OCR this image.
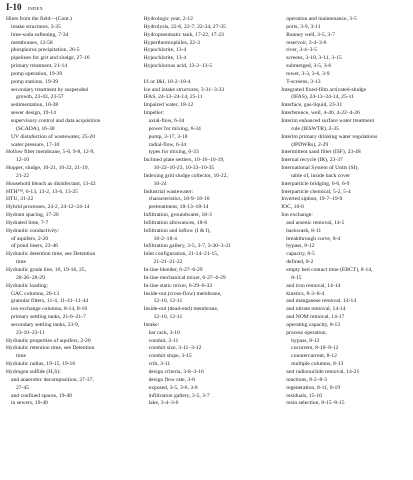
I-10 INDEX
Hints from the field—(Cont.)
intake structures, 3-35
lime-soda softening, 7-34
membranes, 12-58
phosphorus precipitation, 26-5
pipelines for grit and sludge, 27-16
primary treatment, 21-14
pump operation, 19-39
pump stations, 19-39
secondary treatment by suspended
growth, 23-43, 23-57
sedimentation, 10-38
sewer design, 19-14
supervisory control and data acquisition
(SCADA), 16-30
UV disinfection of wastewater, 25-20
water pressure, 17-10
Hollow fiber membrane, 5-6, 9-8, 12-9,
12-10
Hopper, sludge, 10-21, 10-22, 21-19,
21-22
Household bleach as disinfectant, 13-42
HTH™, 6-13, 13-2, 13-6, 13-25
HTU, 31-22
Hybrid processes, 24-2, 24-12–24-14
Hydrant spacing, 17-20
Hydrated lime, 7-7
Hydraulic conductivity:
of aquifers, 2-20
of pond liners, 23-46
Hydraulic detention time, see Detention
time
Hydraulic grade line, 16, 19-16, 25,
28-26–28-29
Hydraulic loading:
GAC columns, 26-13
granular filters, 11-4, 11-41–11-44
ion exchange columns, 8-14, 8-16
primary settling tanks, 21-6–21-7
secondary settling tanks, 23-9,
23-10–23-11
Hydraulic properties of aquifers, 2-20
Hydraulic retention time, see Detention
time
Hydraulic radius, 19-15, 19-16
Hydrogen sulfide (H₂S):
and anaerobic decomposition, 27-37,
27-45
and confined spaces, 19-40
in sewers, 19-40
Hydrologic year, 2-12
Hydrolysis, 22-6, 22-7, 22-34, 27-35
Hydropneumatic tank, 17-22, 17-23
Hyperthermophiles, 22-3
Hypochlorite, 13-4
Hypochlorite, 13-4
Hypochlorous acid, 13-2–13-5

I/I or I&I, 18-2–18-4
Ice and intake structures, 3-31–3-33
IFAS, 24-13–24-14, 25-11
Impaired water, 18-12
Impeller:
axial-flow, 6-34
power for mixing, 6-34
pump, 3-17, 3-18
radial-flow, 6-34
types for mixing, 6-33
Inclined plate settlers, 10-16–10-19,
10-22–10-23, 10-33–10-35
Indexing grid sludge collector, 10-22,
10-24
Industrial wastewater:
characteristics, 18-9–18-10
pretreatment, 18-13–18-14
Infiltration, groundwater, 18-3
Infiltration allowances, 18-6
Infiltration and inflow (I & I),
18-2–18-4
Infiltration gallery, 3-5, 3-7, 3-30–3-31
Inlet configuration, 21-14–21-15,
21-21–21-22
In-line blender, 6-27–6-29
In-line mechanical mixer, 6-27–6-29
In-line static mixer, 6-29–6-33
Inside-out (cross-flow) membrane,
12-10, 12-11
Inside-out (dead-end) membrane,
12-10, 12-11
Intake:
bar rack, 3-10
conduit, 3-11
conduit size, 3-11–3-12
conduit slope, 3-15
crib, 3-11
design criteria, 3-8–3-16
design flow rate, 3-8
exposed, 3-5, 3-6, 3-8
infiltration gallery, 3-5, 3-7
lake, 3-4–3-6
operation and maintenance, 3-5
ports, 3-9, 3-11
Ranney well, 3-5, 3-7
reservoir, 3-4–3-6
river, 3-4–3-5
screens, 3-10, 3-11, 3-15
submerged, 3-5, 3-6
tower, 3-3, 3-6, 3-9
T-screens, 3-13
Integrated fixed-film activated-sludge
(IFAS), 24-13–24-14, 25-11
Interface, gas-liquid, 23-31
Interference, well, 4-46, 4-22–4-26
Interim enhanced surface water treatment
rule (IESWTR), 2-35
Interim primary drinking water regulations
(IPDWRs), 2-29
Intermittent sand filter (ISF), 23-48
Internal recycle (IR), 23-37
International System of Units (SI),
table of, inside back cover
Interparticle bridging, 6-6, 6-9
Interparticle chemical, 5-2, 5-4
Inverted siphon, 19-7–19-9
IOC, 16-6
Ion exchange:
and arsenic removal, 14-5
backwash, 8-11
breakthrough curve, 8-4
bypass, 8-12
capacity, 8-5
defined, 8-2
empty bed contact time (EBCT), 8-14,
8-15
and iron removal, 14-14
kinetics, 8-3–8-4
and manganese removal, 14-14
and nitrate removal, 14-14
and NOM removal, 14-17
operating capacity, 8-13
process operation,
bypass, 8-12
cocurrent, 8-10–8-12
countercurrent, 8-12
multiple columns, 8-13
and radionuclide removal, 14-21
reactions, 8-2–8-3
regeneration, 8-11, 8-19
residuals, 15-10
resin selection, 8-15–8-15
